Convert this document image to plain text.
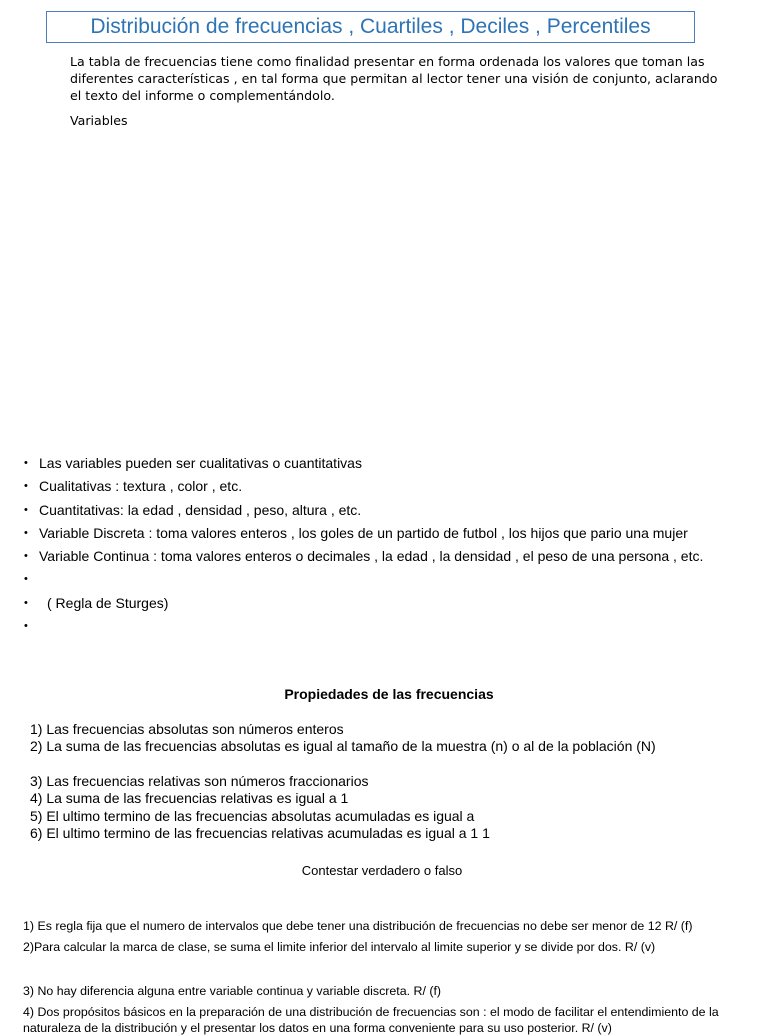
Distribución de frecuencias , Cuartiles , Deciles , Percentiles
La tabla de frecuencias tiene como finalidad presentar en forma ordenada los valores que toman las diferentes características , en tal forma que permitan al lector tener una visión de conjunto, aclarando el texto del informe o complementándolo.
Variables
• Las variables pueden ser cualitativas o cuantitativas
• Cualitativas : textura , color , etc.
• Cuantitativas: la edad , densidad , peso, altura , etc.
• Variable Discreta : toma valores enteros , los goles de un partido de futbol , los hijos que pario una mujer
• Variable Continua : toma valores enteros o decimales , la edad , la densidad , el peso de una persona , etc.
•
• ( Regla de Sturges)
•
Propiedades de las frecuencias
1) Las frecuencias absolutas son números enteros
2) La suma de las frecuencias absolutas es igual al tamaño de la muestra (n) o al de la población (N)
3) Las frecuencias relativas son números fraccionarios
4) La suma de las frecuencias relativas es igual a 1
5) El ultimo termino de las frecuencias absolutas acumuladas es igual a
6) El ultimo termino de las frecuencias relativas acumuladas es igual a 1 1
Contestar verdadero o falso
1) Es regla fija que el numero de intervalos que debe tener una distribución de frecuencias no debe ser menor de 12 R/ (f)
2)Para calcular la marca de clase, se suma el limite inferior del intervalo al limite superior y se divide por dos. R/ (v)
3) No hay diferencia alguna entre variable continua y variable discreta. R/ (f)
4) Dos propósitos básicos en la preparación de una distribución de frecuencias son : el modo de facilitar el entendimiento de la naturaleza de la distribución y el presentar los datos en una forma conveniente para su uso posterior. R/ (v)
